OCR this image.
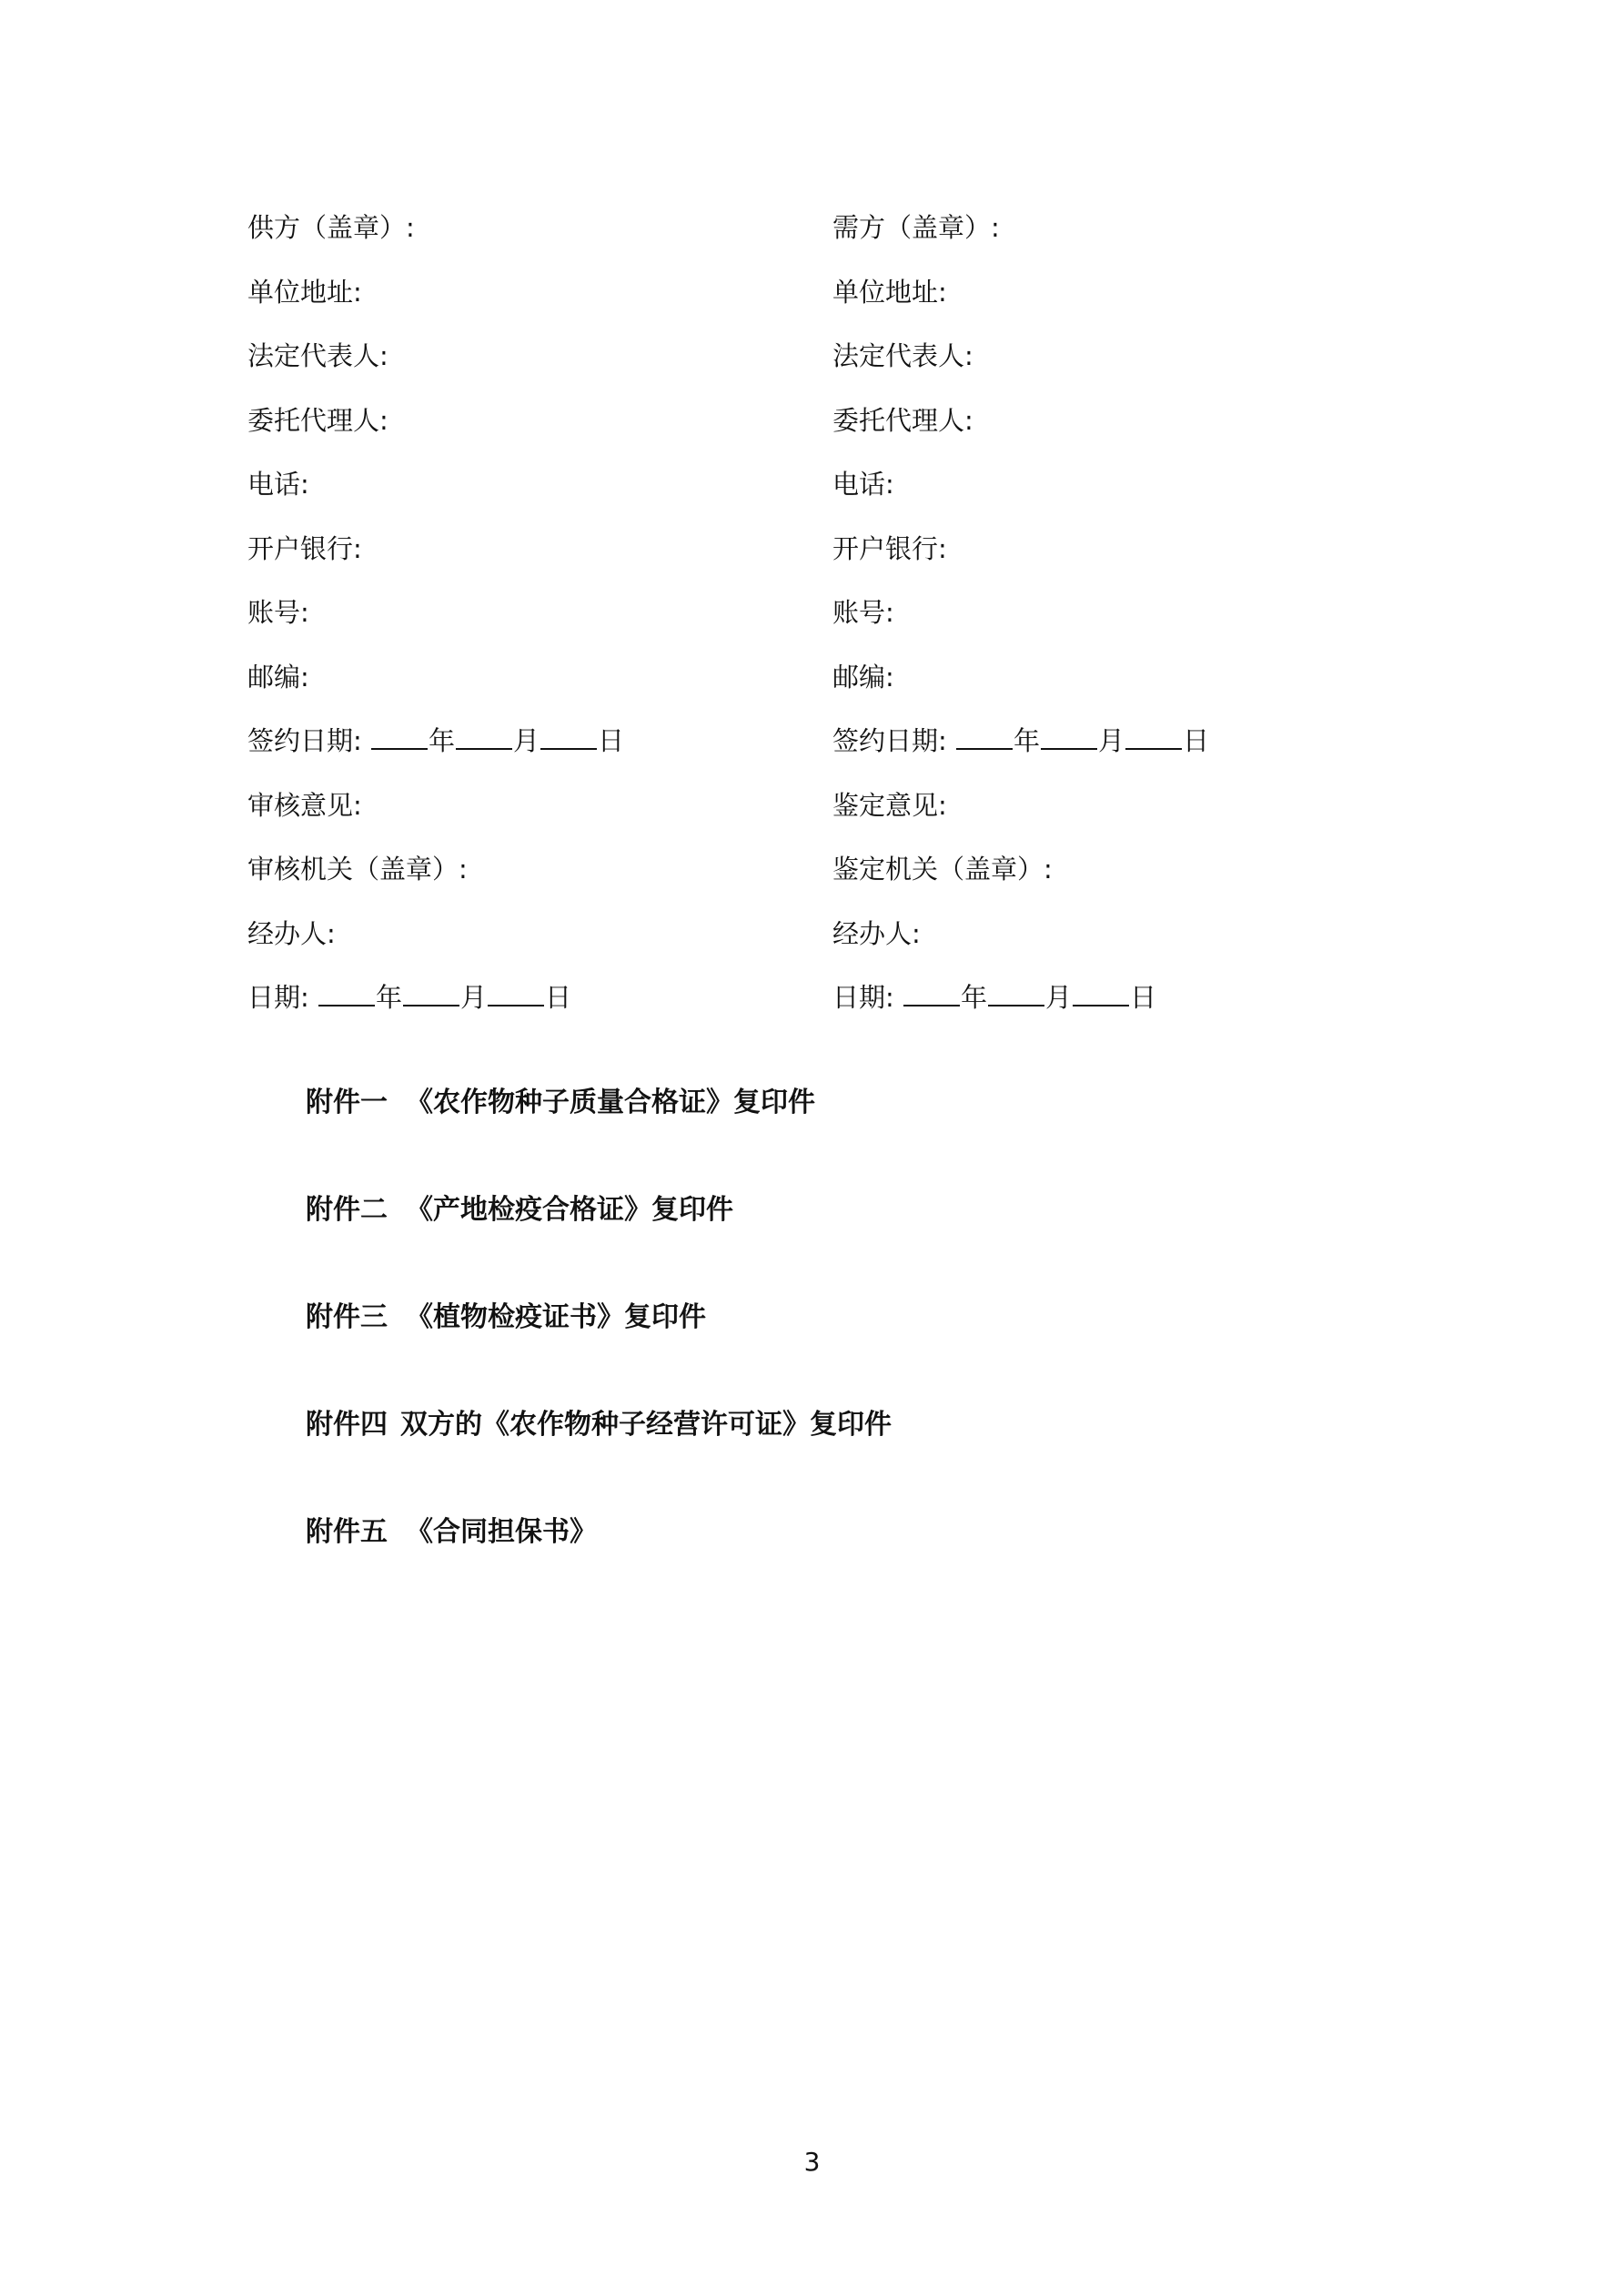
供方（盖章）:
单位地址:
法定代表人:
委托代理人:
电话:
开户银行:
账号:
邮编:
签约日期:	年 月 日
审核意见:
审核机关（盖章）:
经办人:
日期:	年 月 日
需方（盖章）:
单位地址:
法定代表人:
委托代理人:
电话:
开户银行:
账号:
邮编:
签约日期:	年 月 日
鉴定意见:
鉴定机关（盖章）:
经办人:
日期:	年 月 日
附件一 《农作物种子质量合格证》复印件
附件二 《产地检疫合格证》复印件
附件三 《植物检疫证书》复印件
附件四 双方的《农作物种子经营许可证》复印件
附件五 《合同担保书》
3
